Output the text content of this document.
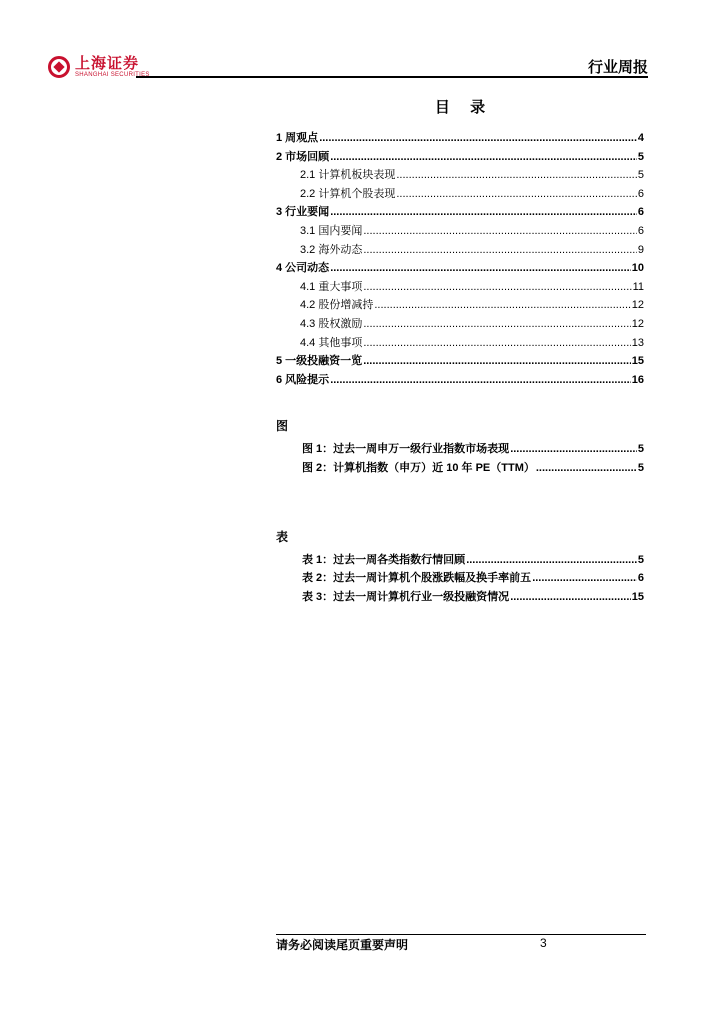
上海证券
SHANGHAI SECURITIES	行业周报
目 录
1 周观点 .....	4
2 市场回顾 .....	5
2.1 计算机板块表现 .....	5
2.2 计算机个股表现 .....	6
3 行业要闻 .....	6
3.1 国内要闻 .....	6
3.2 海外动态 .....	9
4 公司动态 .....	10
4.1 重大事项 .....	11
4.2 股份增减持 .....	12
4.3 股权激励 .....	12
4.4 其他事项 .....	13
5 一级投融资一览 .....	15
6 风险提示 .....	16
图
图 1：过去一周申万一级行业指数市场表现 .....	5
图 2：计算机指数（申万）近 10 年 PE（TTM） .....	5
表
表 1：过去一周各类指数行情回顾 .....	5
表 2：过去一周计算机个股涨跌幅及换手率前五 .....	6
表 3：过去一周计算机行业一级投融资情况 .....	15
请务必阅读尾页重要声明	3
